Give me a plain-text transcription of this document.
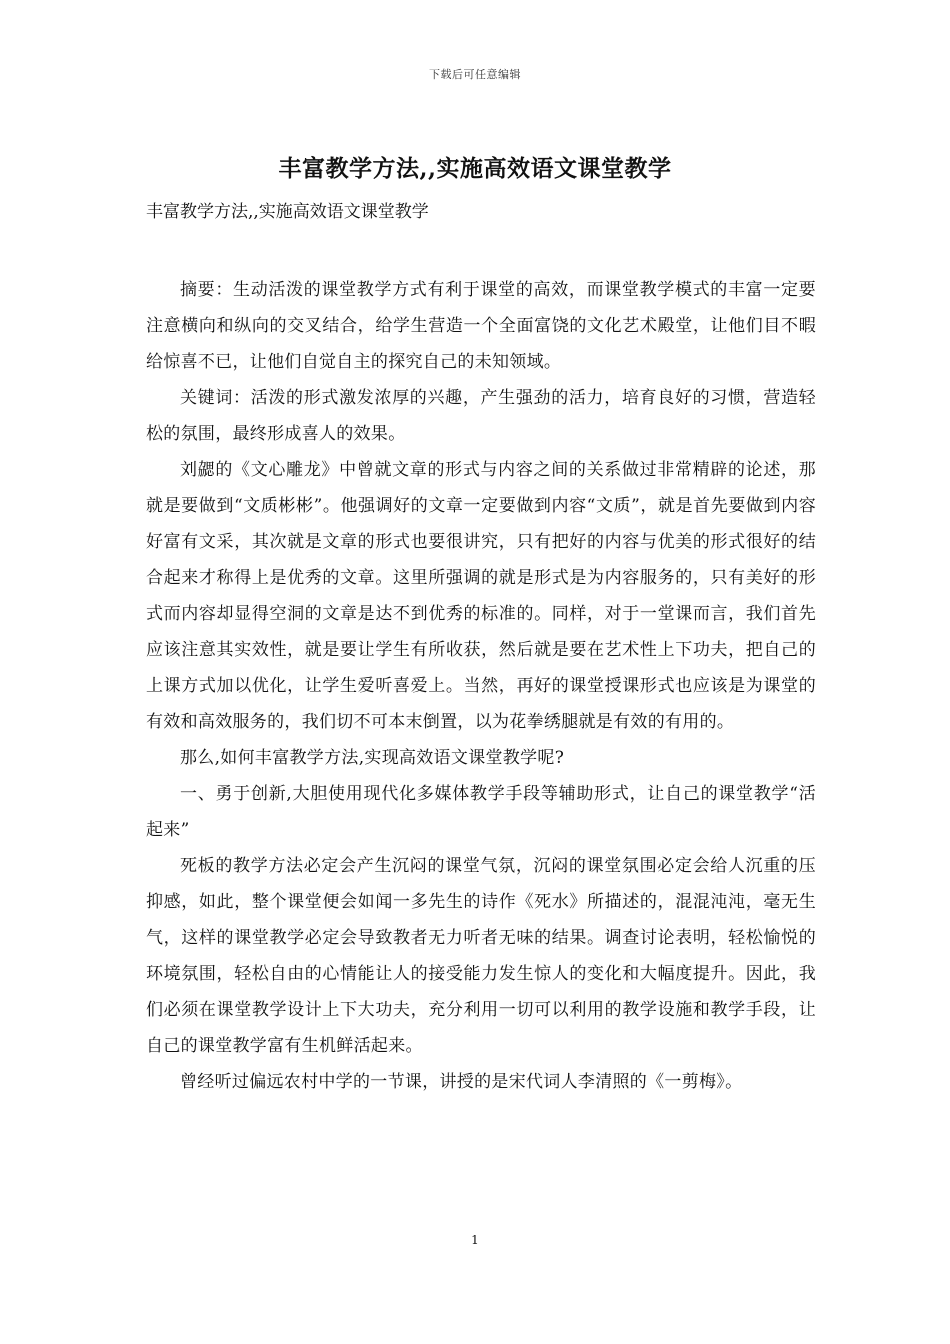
下载后可任意编辑
丰富教学方法,,实施高效语文课堂教学
丰富教学方法,,实施高效语文课堂教学

摘要：生动活泼的课堂教学方式有利于课堂的高效，而课堂教学模式的丰富一定要注意横向和纵向的交叉结合，给学生营造一个全面富饶的文化艺术殿堂，让他们目不暇给惊喜不已，让他们自觉自主的探究自己的未知领域。

关键词：活泼的形式激发浓厚的兴趣，产生强劲的活力，培育良好的习惯，营造轻松的氛围，最终形成喜人的效果。

刘勰的《文心雕龙》中曾就文章的形式与内容之间的关系做过非常精辟的论述，那就是要做到“文质彬彬”。他强调好的文章一定要做到内容“文质”，就是首先要做到内容好富有文采，其次就是文章的形式也要很讲究，只有把好的内容与优美的形式很好的结合起来才称得上是优秀的文章。这里所强调的就是形式是为内容服务的，只有美好的形式而内容却显得空洞的文章是达不到优秀的标准的。同样，对于一堂课而言，我们首先应该注意其实效性，就是要让学生有所收获，然后就是要在艺术性上下功夫，把自己的上课方式加以优化，让学生爱听喜爱上。当然，再好的课堂授课形式也应该是为课堂的有效和高效服务的，我们切不可本末倒置，以为花拳绣腿就是有效的有用的。

那么,如何丰富教学方法,实现高效语文课堂教学呢?

一、勇于创新,大胆使用现代化多媒体教学手段等辅助形式，让自己的课堂教学“活起来”

死板的教学方法必定会产生沉闷的课堂气氛，沉闷的课堂氛围必定会给人沉重的压抑感，如此，整个课堂便会如闻一多先生的诗作《死水》所描述的，混混沌沌，毫无生气，这样的课堂教学必定会导致教者无力听者无味的结果。调查讨论表明，轻松愉悦的环境氛围，轻松自由的心情能让人的接受能力发生惊人的变化和大幅度提升。因此，我们必须在课堂教学设计上下大功夫，充分利用一切可以利用的教学设施和教学手段，让自己的课堂教学富有生机鲜活起来。

曾经听过偏远农村中学的一节课，讲授的是宋代词人李清照的《一剪梅》。

1
